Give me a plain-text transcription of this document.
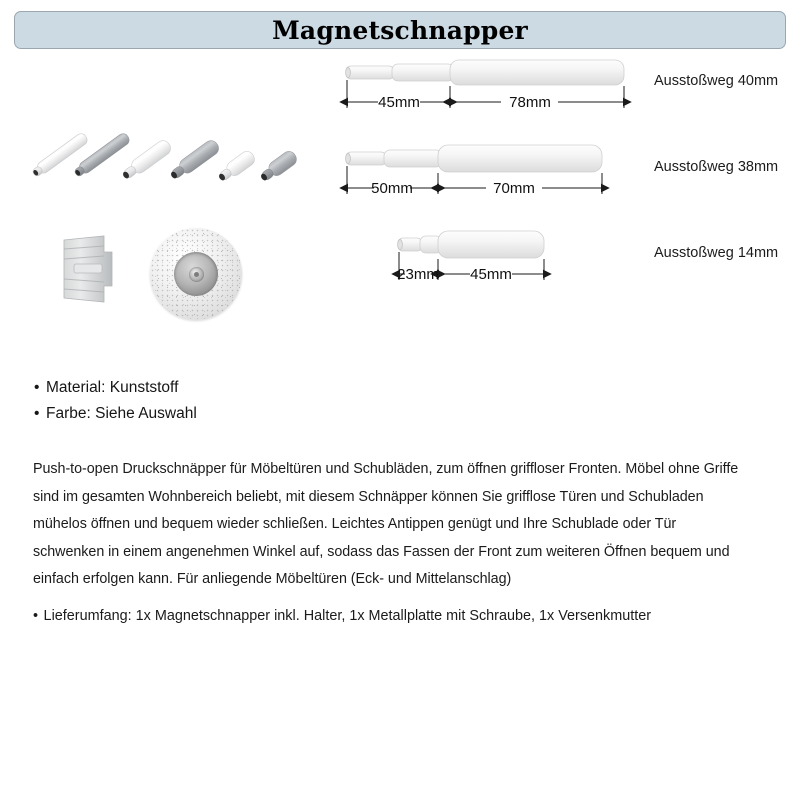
Magnetschnapper
45mm	78mm
Ausstoßweg 40mm
50mm	70mm
Ausstoßweg 38mm
23mm 45mm
Ausstoßweg 14mm
• Material: Kunststoff
• Farbe: Siehe Auswahl
Push-to-open Druckschnäpper für Möbeltüren und Schubläden, zum öffnen griffloser Fronten. Möbel ohne Griffe sind im gesamten Wohnbereich beliebt, mit diesem Schnäpper können Sie grifflose Türen und Schubladen mühelos öffnen und bequem wieder schließen. Leichtes Antippen genügt und Ihre Schublade oder Tür schwenken in einem angenehmen Winkel auf, sodass das Fassen der Front zum weiteren Öffnen bequem und einfach erfolgen kann. Für anliegende Möbeltüren (Eck- und Mittelanschlag)
• Lieferumfang: 1x Magnetschnapper inkl. Halter, 1x Metallplatte mit Schraube, 1x Versenkmutter
